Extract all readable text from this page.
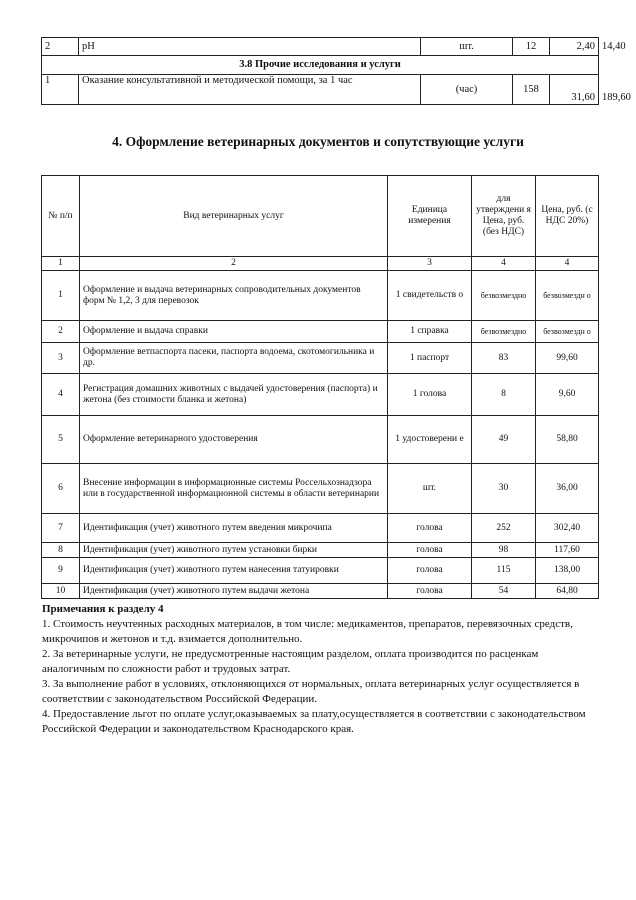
2	pH	шт.	12	2,40	14,40
3.8 Прочие исследования и услуги					
1	Оказание консультативной и методической помощи, за 1 час	(час)	158	31,60	189,60
4. Оформление ветеринарных документов и сопутствующие услуги
№ п/п	Вид ветеринарных услуг	Единица измерения	для утверждени я Цена, руб. (без НДС)	Цена, руб. (с НДС 20%)
1	2	3	4	4
1	Оформление и выдача ветеринарных сопроводительных документов форм № 1,2, 3 для перевозок	1 свидетельств о	безвозмездно	безвозмездн о
2	Оформление и выдача справки	1 справка	безвозмездно	безвозмездн о
3	Оформление ветпаспорта пасеки, паспорта водоема, скотомогильника и др.	1 паспорт	83	99,60
4	Регистрация домашних животных с выдачей удостоверения (паспорта) и жетона (без стоимости бланка и жетона)	1 голова	8	9,60
5	Оформление ветеринарного удостоверения	1 удостоверени е	49	58,80
6	Внесение информации в информационные системы Россельхознадзора или в государственной информационной системы в области ветеринарии	шт.	30	36,00
7	Идентификация (учет) животного путем введения микрочипа	голова	252	302,40
8	Идентификация (учет) животного путем установки бирки	голова	98	117,60
9	Идентификация (учет) животного путем нанесения татуировки	голова	115	138,00
10	Идентификация (учет) животного путем выдачи жетона	голова	54	64,80

Примечания к разделу 4

1. Стоимость неучтенных расходных материалов, в том числе: медикаментов, препаратов, перевязочных средств, микрочипов и жетонов и т.д. взимается дополнительно.

2. За ветеринарные услуги, не предусмотренные настоящим разделом, оплата производится по расценкам аналогичным по сложности работ и трудовых затрат.

3. За выполнение работ в условиях, отклоняющихся от нормальных, оплата ветеринарных услуг осуществляется в соответствии с законодательством Российской Федерации.

4. Предоставление льгот по оплате услуг,оказываемых за плату,осуществляется в соответствии с законодательством Российской Федерации и законодательством Краснодарского края.
